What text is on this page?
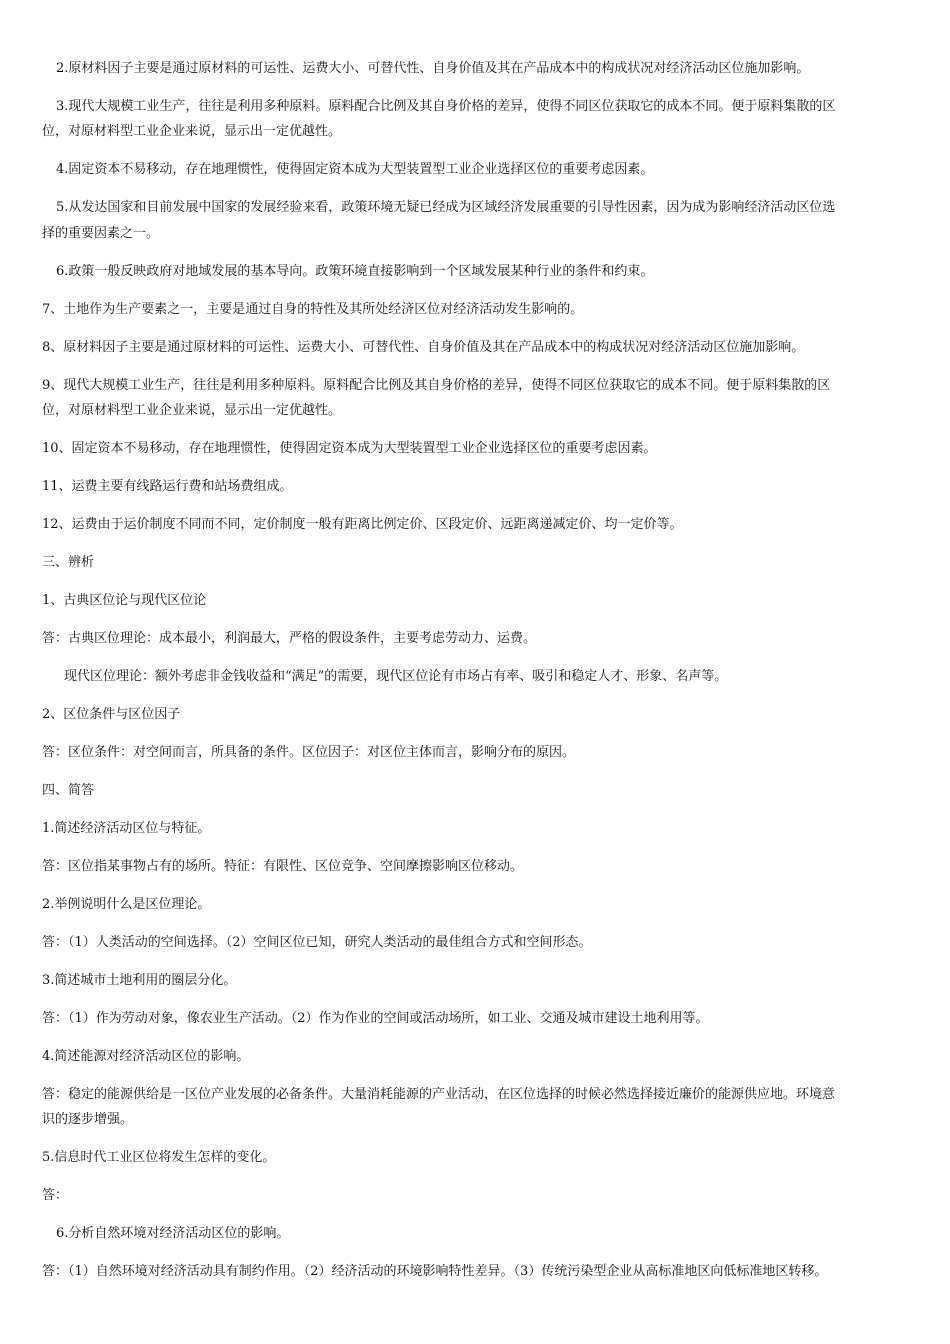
2.原材料因子主要是通过原材料的可运性、运费大小、可替代性、自身价值及其在产品成本中的构成状况对经济活动区位施加影响。
3.现代大规模工业生产，往往是利用多种原料。原料配合比例及其自身价格的差异，使得不同区位获取它的成本不同。便于原料集散的区
位，对原材料型工业企业来说，显示出一定优越性。
4.固定资本不易移动，存在地理惯性，使得固定资本成为大型装置型工业企业选择区位的重要考虑因素。
5.从发达国家和目前发展中国家的发展经验来看，政策环境无疑已经成为区域经济发展重要的引导性因素，因为成为影响经济活动区位选
择的重要因素之一。
6.政策一般反映政府对地域发展的基本导向。政策环境直接影响到一个区域发展某种行业的条件和约束。
7、土地作为生产要素之一，主要是通过自身的特性及其所处经济区位对经济活动发生影响的。
8、原材料因子主要是通过原材料的可运性、运费大小、可替代性、自身价值及其在产品成本中的构成状况对经济活动区位施加影响。
9、现代大规模工业生产，往往是利用多种原料。原料配合比例及其自身价格的差异，使得不同区位获取它的成本不同。便于原料集散的区
位，对原材料型工业企业来说，显示出一定优越性。
10、固定资本不易移动，存在地理惯性，使得固定资本成为大型装置型工业企业选择区位的重要考虑因素。
11、运费主要有线路运行费和站场费组成。
12、运费由于运价制度不同而不同，定价制度一般有距离比例定价、区段定价、远距离递减定价、均一定价等。
三、辨析
1、古典区位论与现代区位论
答：古典区位理论：成本最小，利润最大，严格的假设条件，主要考虑劳动力、运费。
现代区位理论：额外考虑非金钱收益和“满足”的需要，现代区位论有市场占有率、吸引和稳定人才、形象、名声等。
2、区位条件与区位因子
答：区位条件：对空间而言，所具备的条件。区位因子：对区位主体而言，影响分布的原因。
四、简答
1.简述经济活动区位与特征。
答：区位指某事物占有的场所。特征：有限性、区位竞争、空间摩擦影响区位移动。
2.举例说明什么是区位理论。
答：（1）人类活动的空间选择。（2）空间区位已知，研究人类活动的最佳组合方式和空间形态。
3.简述城市土地利用的圈层分化。
答：（1）作为劳动对象，像农业生产活动。（2）作为作业的空间或活动场所，如工业、交通及城市建设土地利用等。
4.简述能源对经济活动区位的影响。
答：稳定的能源供给是一区位产业发展的必备条件。大量消耗能源的产业活动，在区位选择的时候必然选择接近廉价的能源供应地。环境意
识的逐步增强。
5.信息时代工业区位将发生怎样的变化。
答：
6.分析自然环境对经济活动区位的影响。
答：（1）自然环境对经济活动具有制约作用。（2）经济活动的环境影响特性差异。（3）传统污染型企业从高标准地区向低标准地区转移。
